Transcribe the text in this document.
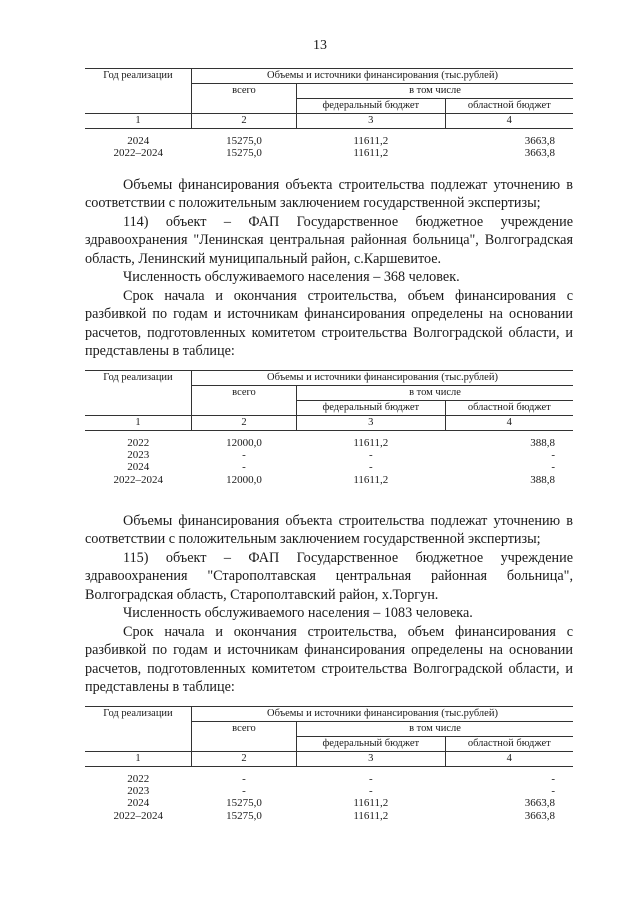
13
Год реализации	Объемы и источники финансирования (тыс.рублей)		
	всего	в том числе	
		федеральный бюджет	областной бюджет
1	2	3	4

2024	15275,0	11611,2	3663,8
2022–2024	15275,0	11611,2	3663,8

Объемы финансирования объекта строительства подлежат уточнению в соответствии с положительным заключением государственной экспертизы;

114) объект – ФАП Государственное бюджетное учреждение здравоохранения "Ленинская центральная районная больница", Волгоградская область, Ленинский муниципальный район, с.Каршевитое.

Численность обслуживаемого населения – 368 человек.

Срок начала и окончания строительства, объем финансирования с разбивкой по годам и источникам финансирования определены на основании расчетов, подготовленных комитетом строительства Волгоградской области, и представлены в таблице:

Год реализации	Объемы и источники финансирования (тыс.рублей)		
	всего	в том числе	
		федеральный бюджет	областной бюджет
1	2	3	4

2022	12000,0	11611,2	388,8
2023	-	-	-
2024	-	-	-
2022–2024	12000,0	11611,2	388,8

Объемы финансирования объекта строительства подлежат уточнению в соответствии с положительным заключением государственной экспертизы;

115) объект – ФАП Государственное бюджетное учреждение здравоохранения "Старополтавская центральная районная больница", Волгоградская область, Старополтавский район, х.Торгун.

Численность обслуживаемого населения – 1083 человека.

Срок начала и окончания строительства, объем финансирования с разбивкой по годам и источникам финансирования определены на основании расчетов, подготовленных комитетом строительства Волгоградской области, и представлены в таблице:

Год реализации	Объемы и источники финансирования (тыс.рублей)		
	всего	в том числе	
		федеральный бюджет	областной бюджет
1	2	3	4

2022	-	-	-
2023	-	-	-
2024	15275,0	11611,2	3663,8
2022–2024	15275,0	11611,2	3663,8
